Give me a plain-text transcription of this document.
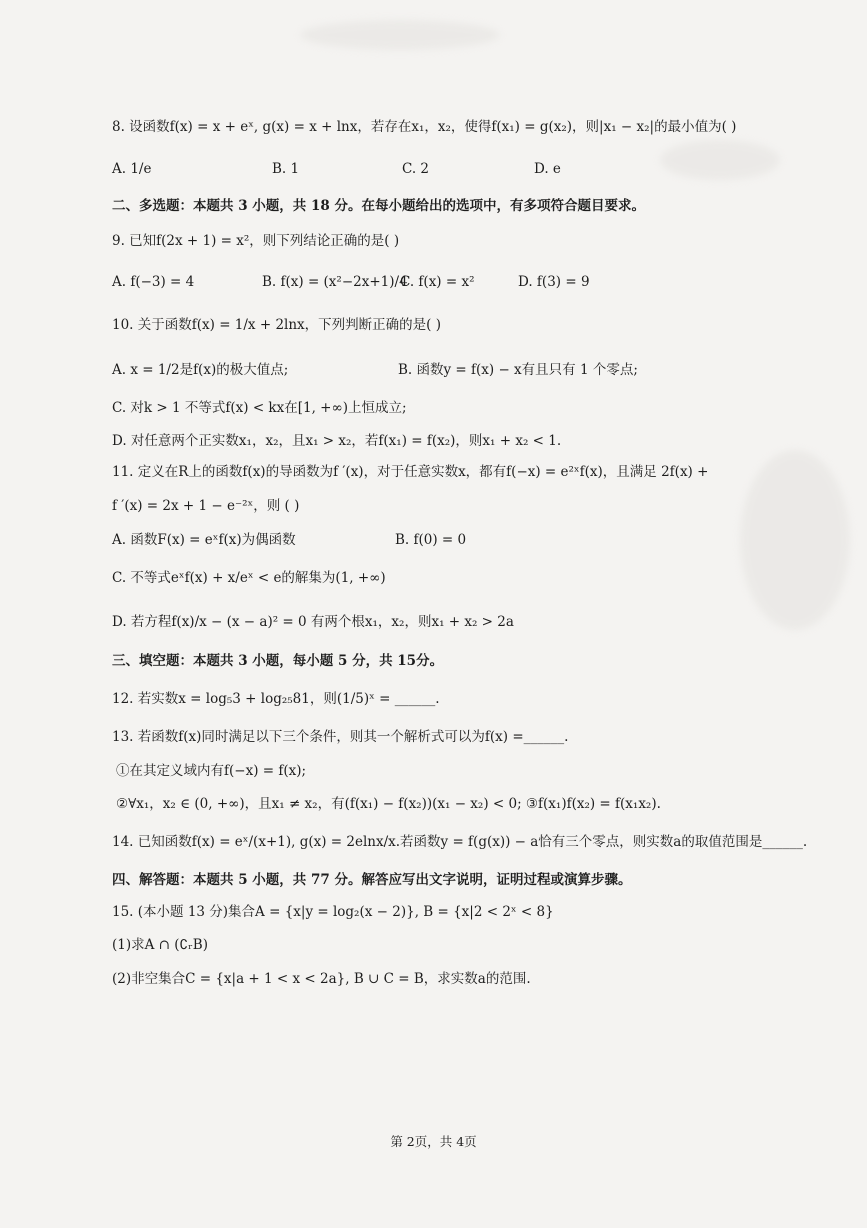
8. 设函数f(x) = x + eˣ, g(x) = x + lnx，若存在x₁，x₂，使得f(x₁) = g(x₂)，则|x₁ − x₂|的最小值为( )
A. 1/e	B. 1	C. 2	D. e
二、多选题：本题共 3 小题，共 18 分。在每小题给出的选项中，有多项符合题目要求。
9. 已知f(2x + 1) = x²，则下列结论正确的是( )
A. f(−3) = 4	B. f(x) = (x²−2x+1)/4
C. f(x) = x²	D. f(3) = 9
10. 关于函数f(x) = 1/x + 2lnx，下列判断正确的是( )
A. x = 1/2是f(x)的极大值点;	B. 函数y = f(x) − x有且只有 1 个零点;
C. 对k > 1 不等式f(x) < kx在[1, +∞)上恒成立;
D. 对任意两个正实数x₁，x₂，且x₁ > x₂，若f(x₁) = f(x₂)，则x₁ + x₂ < 1.
11. 定义在R上的函数f(x)的导函数为f ′(x)，对于任意实数x，都有f(−x) = e²ˣf(x)，且满足 2f(x) +
f ′(x) = 2x + 1 − e⁻²ˣ，则 ( )
A. 函数F(x) = eˣf(x)为偶函数	B. f(0) = 0
C. 不等式eˣf(x) + x/eˣ < e的解集为(1, +∞)
D. 若方程f(x)/x − (x − a)² = 0 有两个根x₁，x₂，则x₁ + x₂ > 2a
三、填空题：本题共 3 小题，每小题 5 分，共 15分。
12. 若实数x = log₅3 + log₂₅81，则(1/5)ˣ = ______.
13. 若函数f(x)同时满足以下三个条件，则其一个解析式可以为f(x) =______.
①在其定义域内有f(−x) = f(x);
②∀x₁，x₂ ∈ (0, +∞)，且x₁ ≠ x₂，有(f(x₁) − f(x₂))(x₁ − x₂) < 0; ③f(x₁)f(x₂) = f(x₁x₂).
14. 已知函数f(x) = eˣ/(x+1), g(x) = 2elnx/x.若函数y = f(g(x)) − a恰有三个零点，则实数a的取值范围是______.
四、解答题：本题共 5 小题，共 77 分。解答应写出文字说明，证明过程或演算步骤。
15. (本小题 13 分)集合A = {x|y = log₂(x − 2)}, B = {x|2 < 2ˣ < 8}
(1)求A ∩ (∁ᵣB)
(2)非空集合C = {x|a + 1 < x < 2a}, B ∪ C = B，求实数a的范围.
第 2页，共 4页
